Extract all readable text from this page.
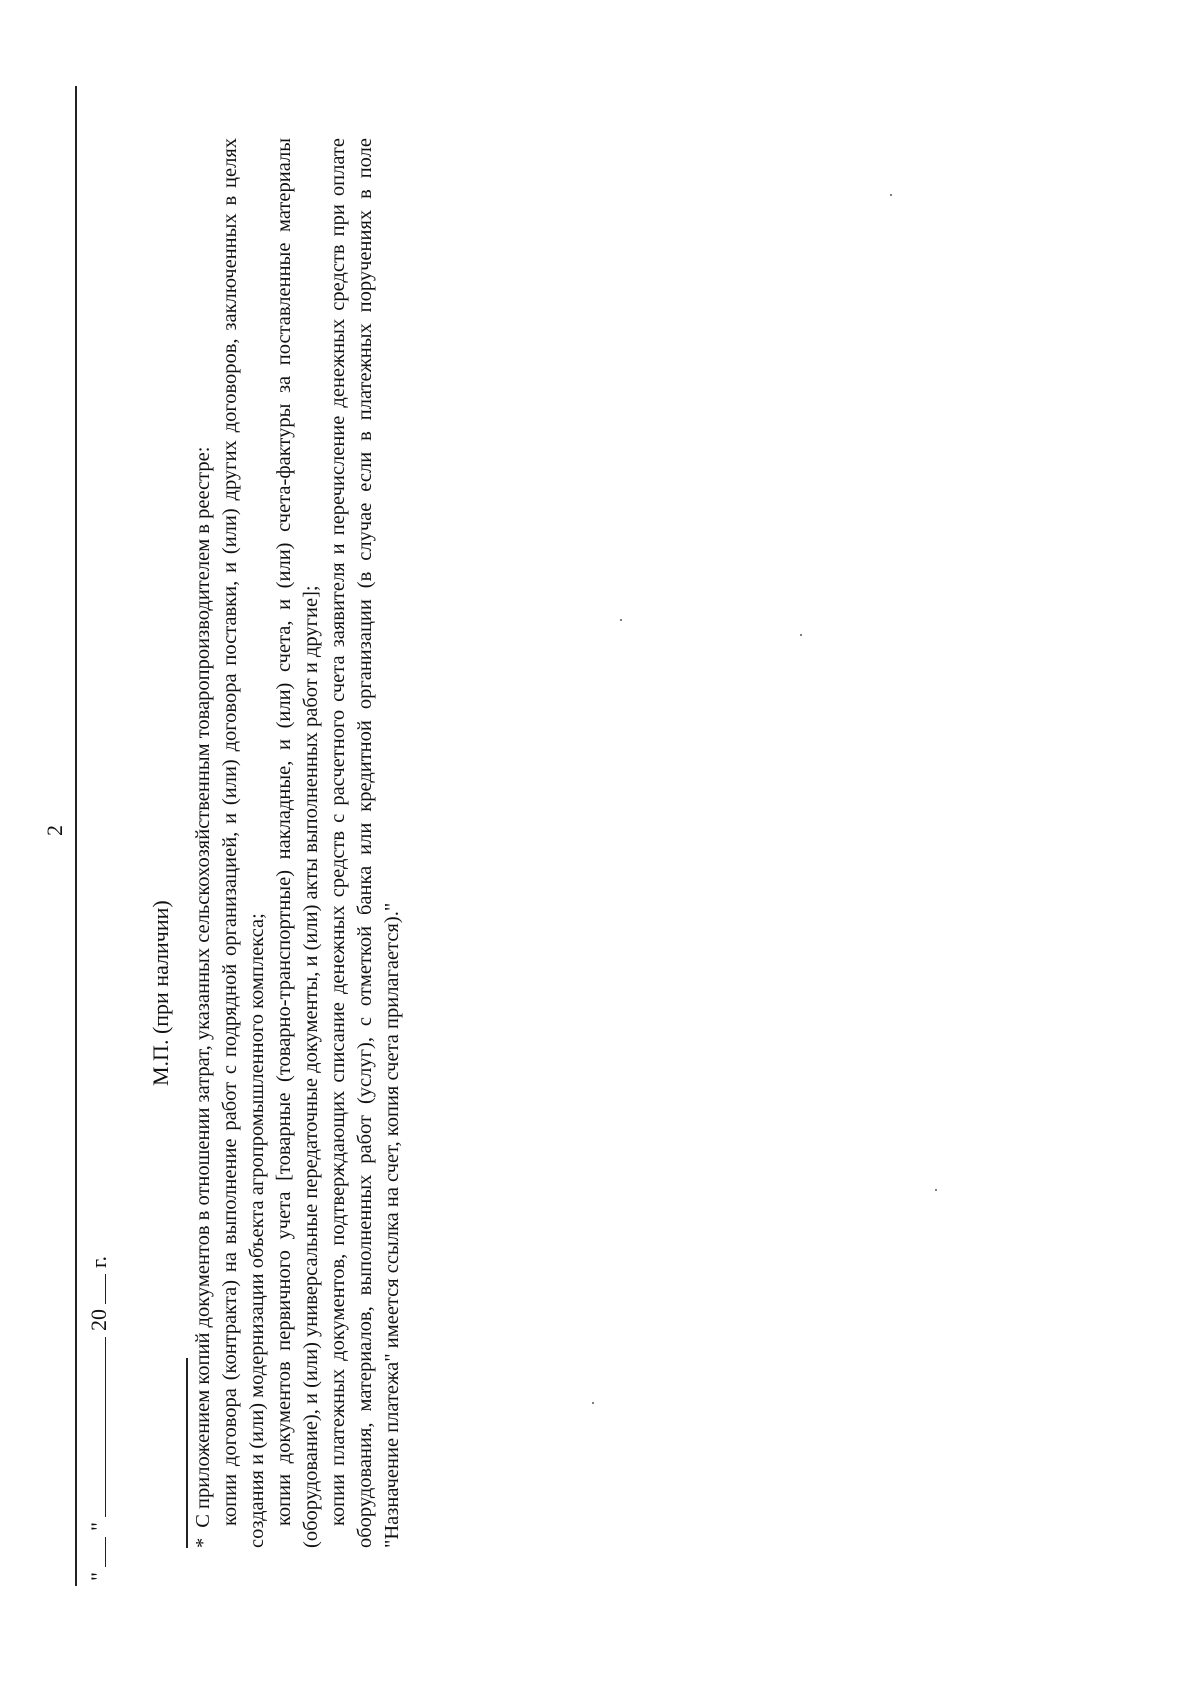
2
"  "  20  г.
М.П. (при наличии)

*С приложением копий документов в отношении затрат, указанных сельскохозяйственным товаропроизводителем в реестре: копии договора (контракта) на выполнение работ с подрядной организацией, и (или) договора поставки, и (или) других договоров, заключенных в целях создания и (или) модернизации объекта агропромышленного комплекса; копии документов первичного учета [товарные (товарно-транспортные) накладные, и (или) счета, и (или) счета-фактуры за поставленные материалы (оборудование), и (или) универсальные передаточные документы, и (или) акты выполненных работ и другие]; копии платежных документов, подтверждающих списание денежных средств с расчетного счета заявителя и перечисление денежных средств при оплате оборудования, материалов, выполненных работ (услуг), с отметкой банка или кредитной организации (в случае если в платежных поручениях в поле "Назначение платежа" имеется ссылка на счет, копия счета прилагается)."
